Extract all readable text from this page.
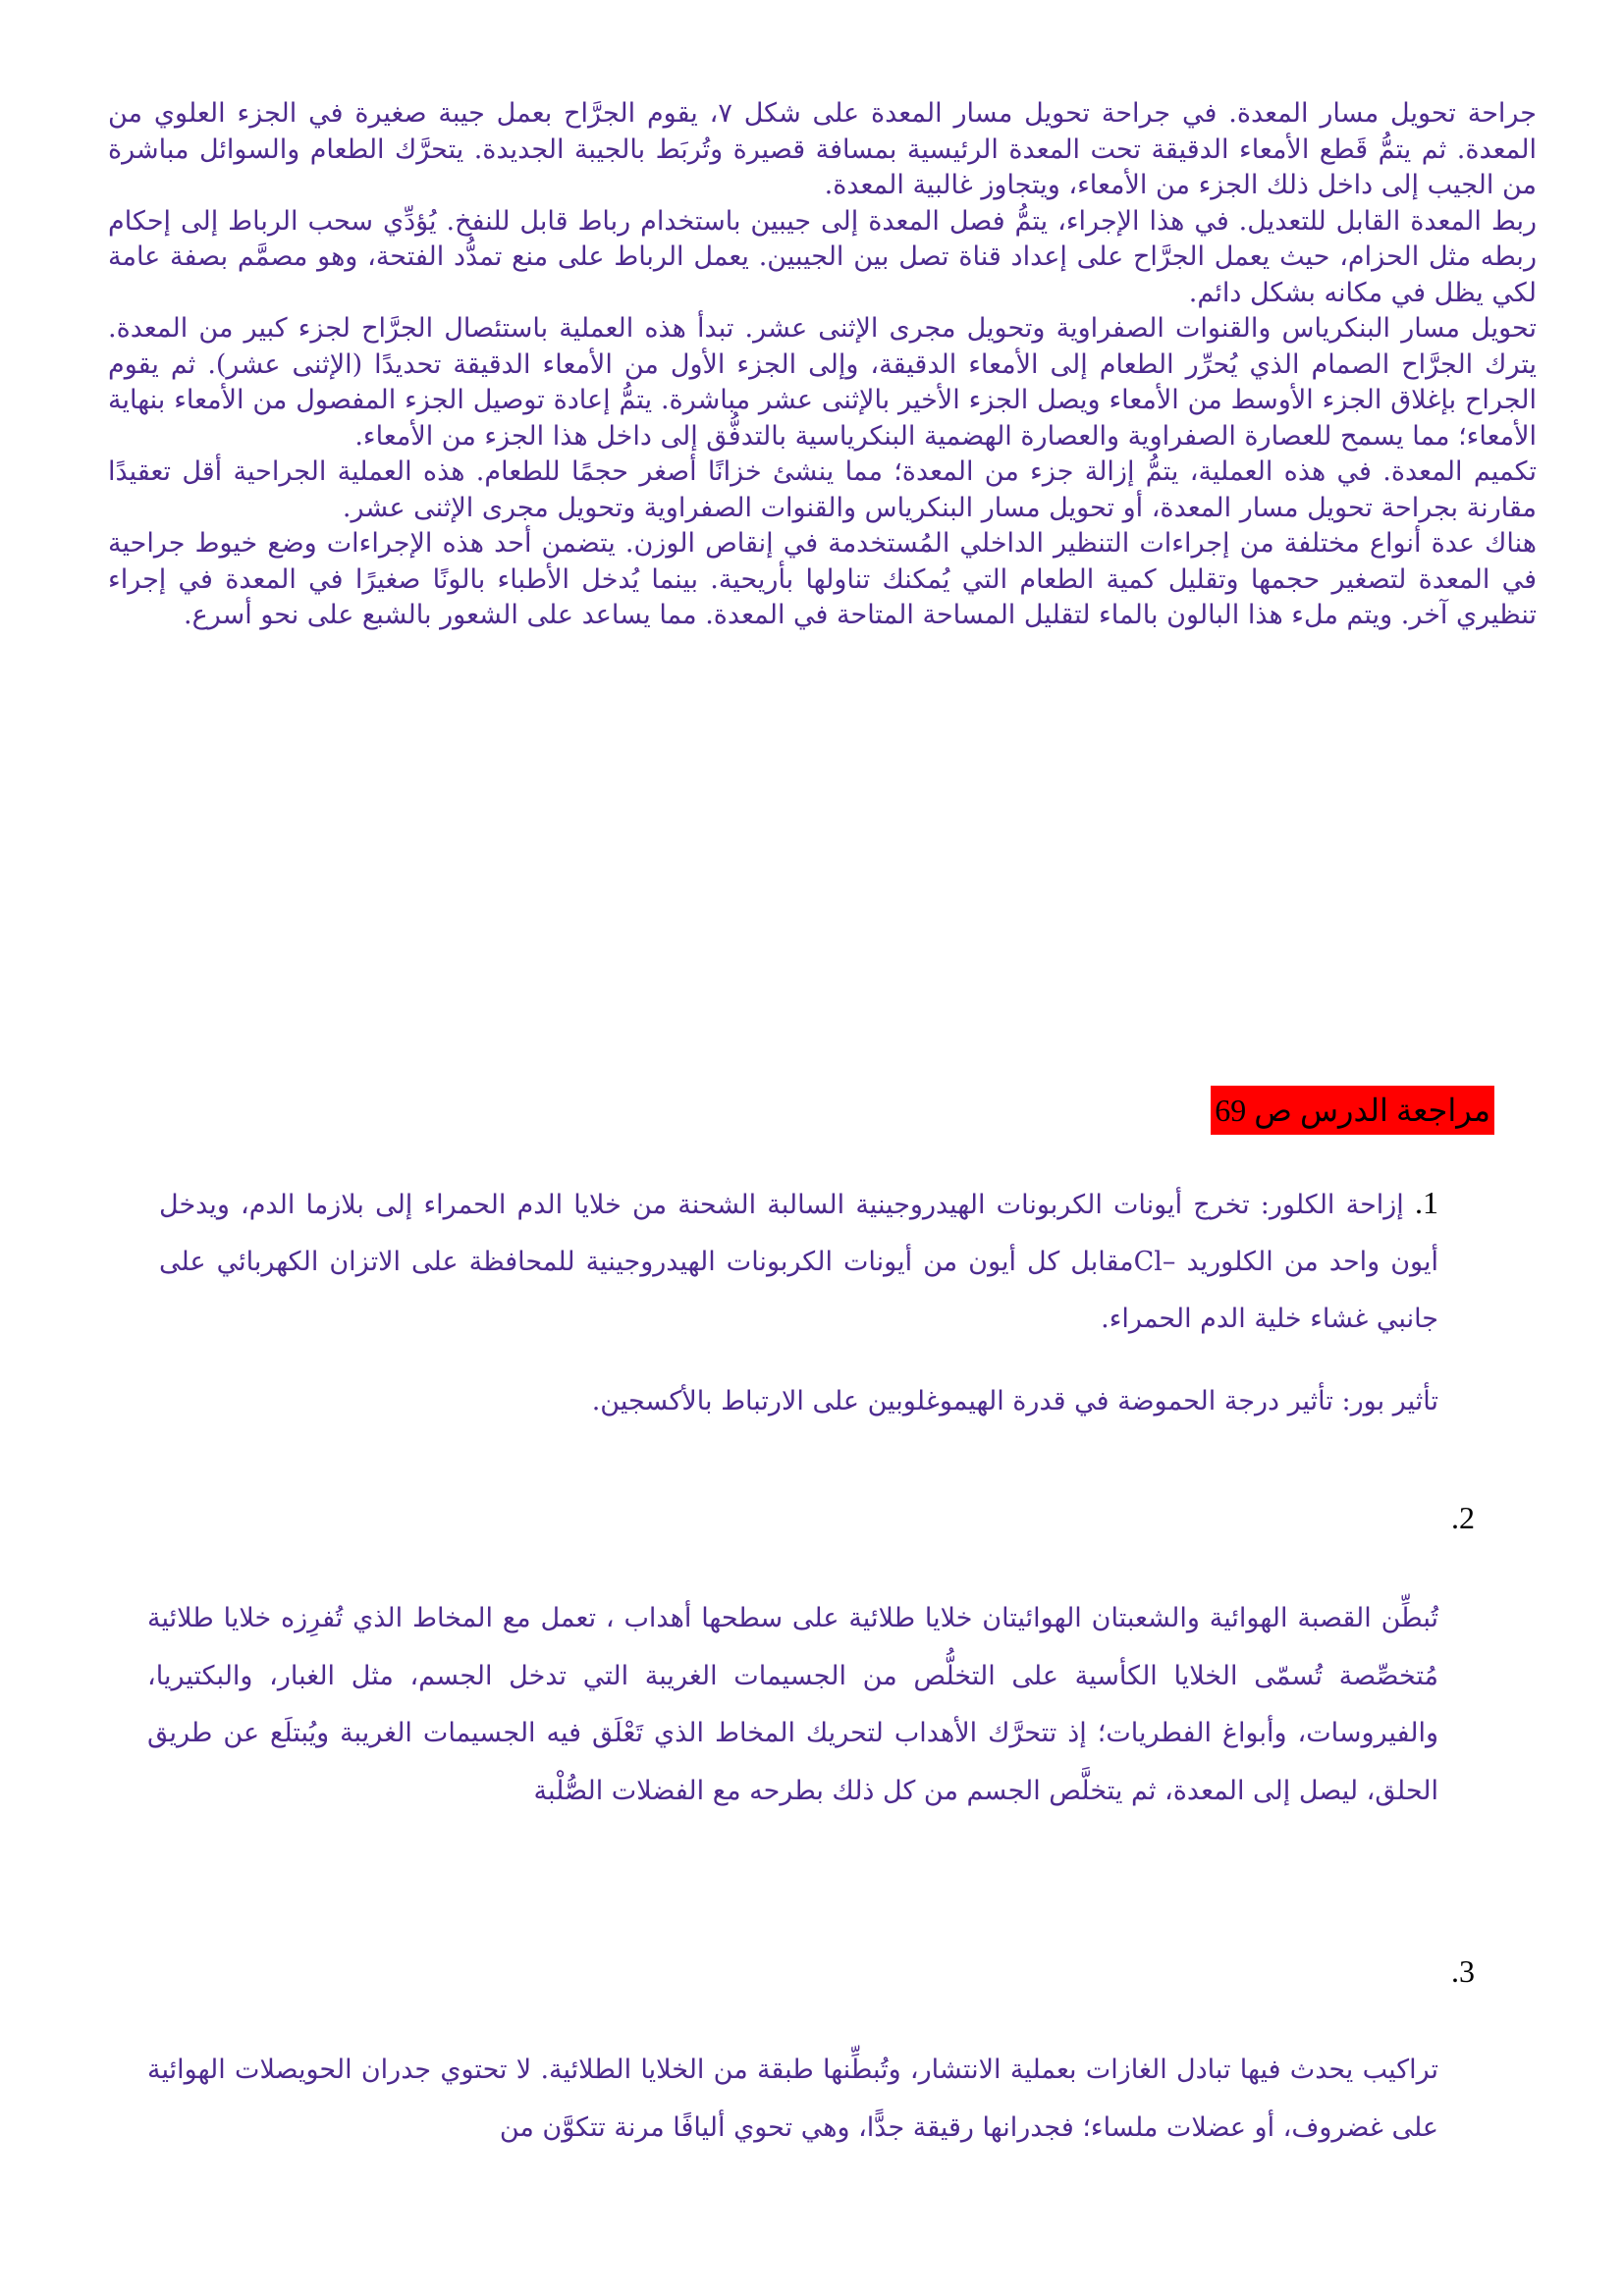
جراحة تحويل مسار المعدة. في جراحة تحويل مسار المعدة على شكل ٧، يقوم الجرَّاح بعمل جيبة صغيرة في الجزء العلوي من المعدة. ثم يتمُّ قَطع الأمعاء الدقيقة تحت المعدة الرئيسية بمسافة قصيرة وتُربَط بالجيبة الجديدة. يتحرَّك الطعام والسوائل مباشرة من الجيب إلى داخل ذلك الجزء من الأمعاء، ويتجاوز غالبية المعدة.

ربط المعدة القابل للتعديل. في هذا الإجراء، يتمُّ فصل المعدة إلى جيبين باستخدام رباط قابل للنفخ. يُؤدِّي سحب الرباط إلى إحكام ربطه مثل الحزام، حيث يعمل الجرَّاح على إعداد قناة تصل بين الجيبين. يعمل الرباط على منع تمدُّد الفتحة، وهو مصمَّم بصفة عامة لكي يظل في مكانه بشكل دائم.

تحويل مسار البنكرياس والقنوات الصفراوية وتحويل مجرى الإثنى عشر. تبدأ هذه العملية باستئصال الجرَّاح لجزء كبير من المعدة. يترك الجرَّاح الصمام الذي يُحرِّر الطعام إلى الأمعاء الدقيقة، وإلى الجزء الأول من الأمعاء الدقيقة تحديدًا (الإثنى عشر). ثم يقوم الجراح بإغلاق الجزء الأوسط من الأمعاء ويصل الجزء الأخير بالإثنى عشر مباشرة. يتمُّ إعادة توصيل الجزء المفصول من الأمعاء بنهاية الأمعاء؛ مما يسمح للعصارة الصفراوية والعصارة الهضمية البنكرياسية بالتدفُّق إلى داخل هذا الجزء من الأمعاء.

تكميم المعدة. في هذه العملية، يتمُّ إزالة جزء من المعدة؛ مما ينشئ خزانًا أصغر حجمًا للطعام. هذه العملية الجراحية أقل تعقيدًا مقارنة بجراحة تحويل مسار المعدة، أو تحويل مسار البنكرياس والقنوات الصفراوية وتحويل مجرى الإثنى عشر.

هناك عدة أنواع مختلفة من إجراءات التنظير الداخلي المُستخدمة في إنقاص الوزن. يتضمن أحد هذه الإجراءات وضع خيوط جراحية في المعدة لتصغير حجمها وتقليل كمية الطعام التي يُمكنك تناولها بأريحية. بينما يُدخل الأطباء بالونًا صغيرًا في المعدة في إجراء تنظيري آخر. ويتم ملء هذا البالون بالماء لتقليل المساحة المتاحة في المعدة. مما يساعد على الشعور بالشبع على نحو أسرع.

مراجعة الدرس ص 69

1. إزاحة الكلور: تخرج أيونات الكربونات الهيدروجينية السالبة الشحنة من خلايا الدم الحمراء إلى بلازما الدم، ويدخل أيون واحد من الكلوريد –Clمقابل كل أيون من أيونات الكربونات الهيدروجينية للمحافظة على الاتزان الكهربائي على جانبي غشاء خلية الدم الحمراء.

تأثير بور: تأثير درجة الحموضة في قدرة الهيموغلوبين على الارتباط بالأكسجين.

.2

تُبطِّن القصبة الهوائية والشعبتان الهوائيتان خلايا طلائية على سطحها أهداب ، تعمل مع المخاط الذي تُفرِزه خلايا طلائية مُتخصِّصة تُسمّى الخلايا الكأسية على التخلُّص من الجسيمات الغريبة التي تدخل الجسم، مثل الغبار، والبكتيريا، والفيروسات، وأبواغ الفطريات؛ إذ تتحرَّك الأهداب لتحريك المخاط الذي تَعْلَق فيه الجسيمات الغريبة ويُبتلَع عن طريق الحلق، ليصل إلى المعدة، ثم يتخلَّص الجسم من كل ذلك بطرحه مع الفضلات الصُّلْبة

.3

تراكيب يحدث فيها تبادل الغازات بعملية الانتشار، وتُبطِّنها طبقة من الخلايا الطلائية. لا تحتوي جدران الحويصلات الهوائية على غضروف، أو عضلات ملساء؛ فجدرانها رقيقة جدًّا، وهي تحوي أليافًا مرنة تتكوَّن من
